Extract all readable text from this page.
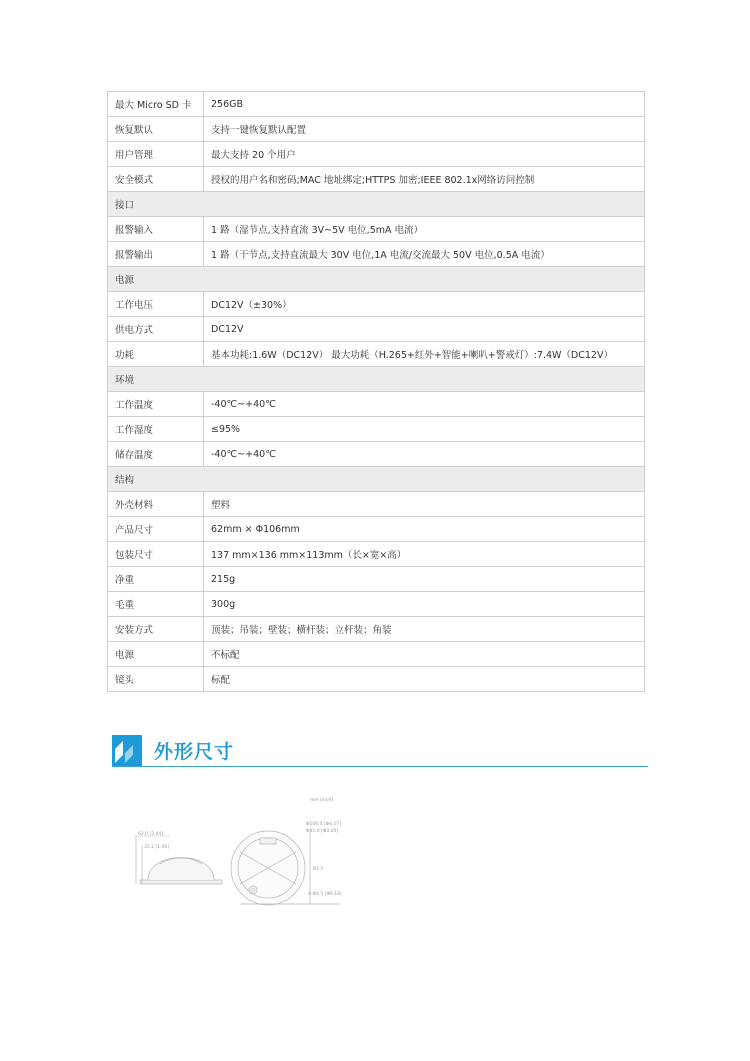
最大 Micro SD 卡	256GB
恢复默认	支持一键恢复默认配置
用户管理	最大支持 20 个用户
安全模式	授权的用户名和密码;MAC 地址绑定;HTTPS 加密;IEEE 802.1x网络访问控制
接口	
报警输入	1 路（湿节点,支持直流 3V~5V 电位,5mA 电流）
报警输出	1 路（干节点,支持直流最大 30V 电位,1A 电流/交流最大 50V 电位,0.5A 电流）
电源	
工作电压	DC12V（±30%）
供电方式	DC12V
功耗	基本功耗:1.6W（DC12V） 最大功耗（H.265+红外+智能+喇叭+警戒灯）:7.4W（DC12V）
环境	
工作温度	-40℃~+40℃
工作湿度	≤95%
储存温度	-40℃~+40℃
结构	
外壳材料	塑料
产品尺寸	62mm × Φ106mm
包装尺寸	137 mm×136 mm×113mm（长×宽×高）
净重	215g
毛重	300g
安装方式	顶装；吊装；壁装；横杆装；立杆装；角装
电源	不标配
镜头	标配
外形尺寸
mm [inch]
62.0 [2.44]
35.2 [1.40]
Φ106.0 [Φ4.17]
Φ81.0 [Φ3.20]
83.7
4-Φ4.5 [Φ0.18]
